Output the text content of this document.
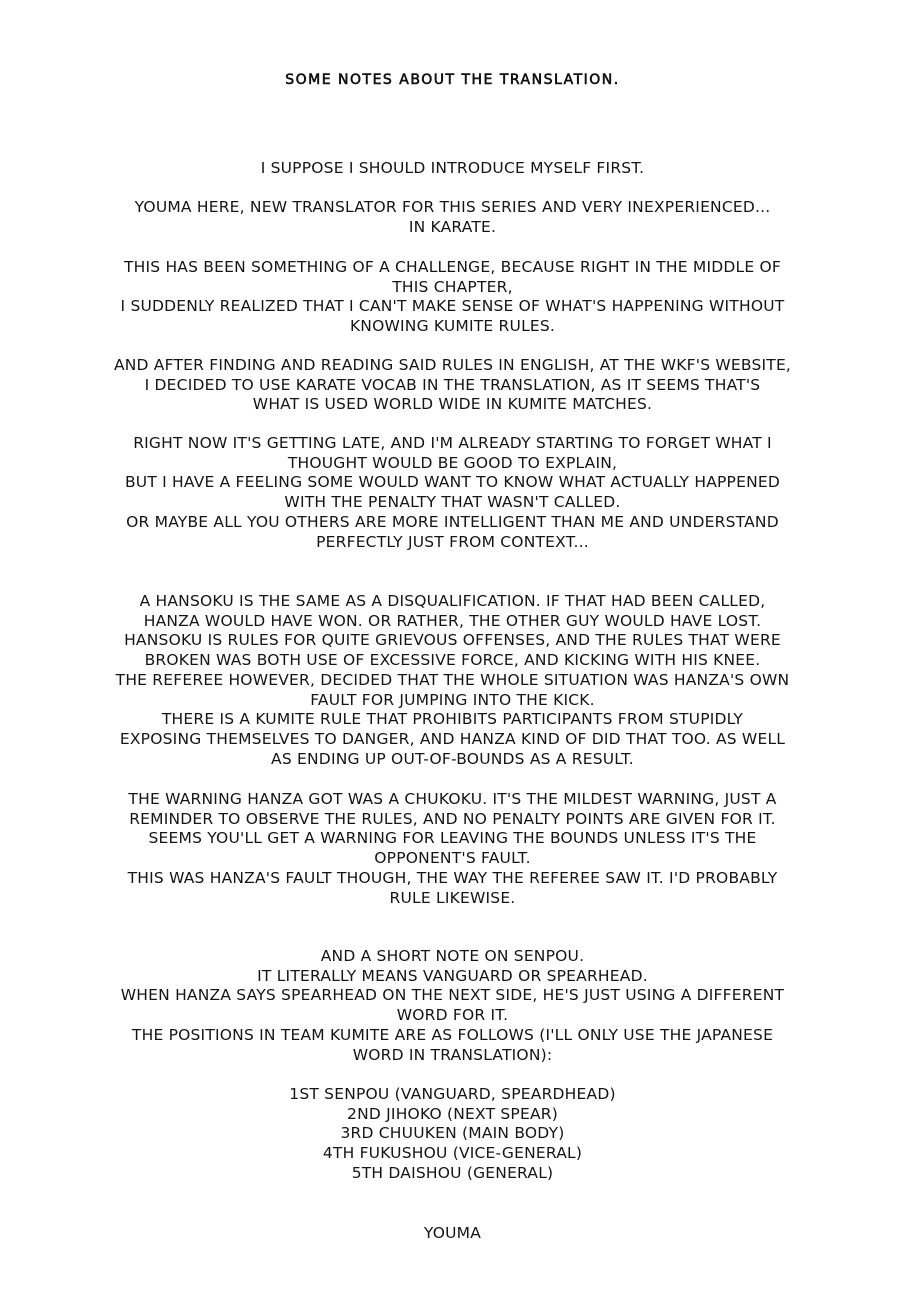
SOME NOTES ABOUT THE TRANSLATION.
I SUPPOSE I SHOULD INTRODUCE MYSELF FIRST.
YOUMA HERE, NEW TRANSLATOR FOR THIS SERIES AND VERY INEXPERIENCED...
IN KARATE.
THIS HAS BEEN SOMETHING OF A CHALLENGE, BECAUSE RIGHT IN THE MIDDLE OF
THIS CHAPTER,
I SUDDENLY REALIZED THAT I CAN'T MAKE SENSE OF WHAT'S HAPPENING WITHOUT
KNOWING KUMITE RULES.
AND AFTER FINDING AND READING SAID RULES IN ENGLISH, AT THE WKF'S WEBSITE,
I DECIDED TO USE KARATE VOCAB IN THE TRANSLATION, AS IT SEEMS THAT'S
WHAT IS USED WORLD WIDE IN KUMITE MATCHES.
RIGHT NOW IT'S GETTING LATE, AND I'M ALREADY STARTING TO FORGET WHAT I
THOUGHT WOULD BE GOOD TO EXPLAIN,
BUT I HAVE A FEELING SOME WOULD WANT TO KNOW WHAT ACTUALLY HAPPENED
WITH THE PENALTY THAT WASN'T CALLED.
OR MAYBE ALL YOU OTHERS ARE MORE INTELLIGENT THAN ME AND UNDERSTAND
PERFECTLY JUST FROM CONTEXT...
A HANSOKU IS THE SAME AS A DISQUALIFICATION. IF THAT HAD BEEN CALLED,
HANZA WOULD HAVE WON. OR RATHER, THE OTHER GUY WOULD HAVE LOST.
HANSOKU IS RULES FOR QUITE GRIEVOUS OFFENSES, AND THE RULES THAT WERE
BROKEN WAS BOTH USE OF EXCESSIVE FORCE, AND KICKING WITH HIS KNEE.
THE REFEREE HOWEVER, DECIDED THAT THE WHOLE SITUATION WAS HANZA'S OWN
FAULT FOR JUMPING INTO THE KICK.
THERE IS A KUMITE RULE THAT PROHIBITS PARTICIPANTS FROM STUPIDLY
EXPOSING THEMSELVES TO DANGER, AND HANZA KIND OF DID THAT TOO. AS WELL
AS ENDING UP OUT-OF-BOUNDS AS A RESULT.
THE WARNING HANZA GOT WAS A CHUKOKU. IT'S THE MILDEST WARNING, JUST A
REMINDER TO OBSERVE THE RULES, AND NO PENALTY POINTS ARE GIVEN FOR IT.
SEEMS YOU'LL GET A WARNING FOR LEAVING THE BOUNDS UNLESS IT'S THE
OPPONENT'S FAULT.
THIS WAS HANZA'S FAULT THOUGH, THE WAY THE REFEREE SAW IT. I'D PROBABLY
RULE LIKEWISE.
AND A SHORT NOTE ON SENPOU.
IT LITERALLY MEANS VANGUARD OR SPEARHEAD.
WHEN HANZA SAYS SPEARHEAD ON THE NEXT SIDE, HE'S JUST USING A DIFFERENT
WORD FOR IT.
THE POSITIONS IN TEAM KUMITE ARE AS FOLLOWS (I'LL ONLY USE THE JAPANESE
WORD IN TRANSLATION):
1ST SENPOU (VANGUARD, SPEARDHEAD)
2ND JIHOKO (NEXT SPEAR)
3RD CHUUKEN (MAIN BODY)
4TH FUKUSHOU (VICE-GENERAL)
5TH DAISHOU (GENERAL)
YOUMA
